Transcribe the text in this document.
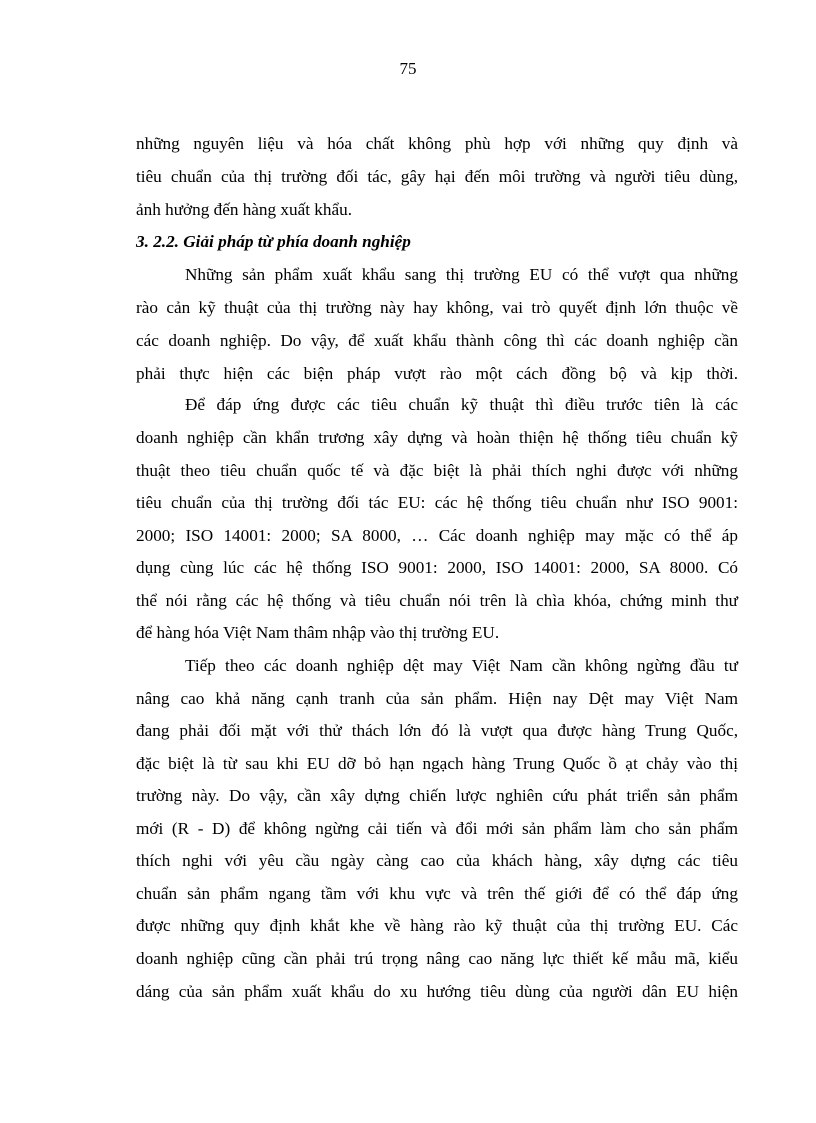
75
những nguyên liệu và hóa chất không phù hợp với những quy định và
tiêu chuẩn của thị trường đối tác, gây hại đến môi trường và người tiêu dùng,
ảnh hưởng đến hàng xuất khẩu.
3. 2.2. Giải pháp từ phía doanh nghiệp
Những sản phẩm xuất khẩu sang thị trường EU có thể vượt qua những
rào cản kỹ thuật của thị trường này hay không, vai trò quyết định lớn thuộc về
các doanh nghiệp. Do vậy, để xuất khẩu thành công thì các doanh nghiệp cần
phải thực hiện các biện pháp vượt rào một cách đồng bộ và kịp thời.
Để đáp ứng được các tiêu chuẩn kỹ thuật thì điều trước tiên là các
doanh nghiệp cần khẩn trương xây dựng và hoàn thiện hệ thống tiêu chuẩn kỹ
thuật theo tiêu chuẩn quốc tế và đặc biệt là phải thích nghi được với những
tiêu chuẩn của thị trường đối tác EU: các hệ thống tiêu chuẩn như ISO 9001:
2000; ISO 14001: 2000; SA 8000, … Các doanh nghiệp may mặc có thể áp
dụng cùng lúc các hệ thống ISO 9001: 2000, ISO 14001: 2000, SA 8000. Có
thể nói rằng các hệ thống và tiêu chuẩn nói trên là chìa khóa, chứng minh thư
để hàng hóa Việt Nam thâm nhập vào thị trường EU.
Tiếp theo các doanh nghiệp dệt may Việt Nam cần không ngừng đầu tư
nâng cao khả năng cạnh tranh của sản phẩm. Hiện nay Dệt may Việt Nam
đang phải đối mặt với thử thách lớn đó là vượt qua được hàng Trung Quốc,
đặc biệt là từ sau khi EU dỡ bỏ hạn ngạch hàng Trung Quốc ồ ạt chảy vào thị
trường này. Do vậy, cần xây dựng chiến lược nghiên cứu phát triển sản phẩm
mới (R - D) để không ngừng cải tiến và đổi mới sản phẩm làm cho sản phẩm
thích nghi với yêu cầu ngày càng cao của khách hàng, xây dựng các tiêu
chuẩn sản phẩm ngang tầm với khu vực và trên thế giới để có thể đáp ứng
được những quy định khắt khe về hàng rào kỹ thuật của thị trường EU. Các
doanh nghiệp cũng cần phải trú trọng nâng cao năng lực thiết kế mẫu mã, kiểu
dáng của sản phẩm xuất khẩu do xu hướng tiêu dùng của người dân EU hiện
